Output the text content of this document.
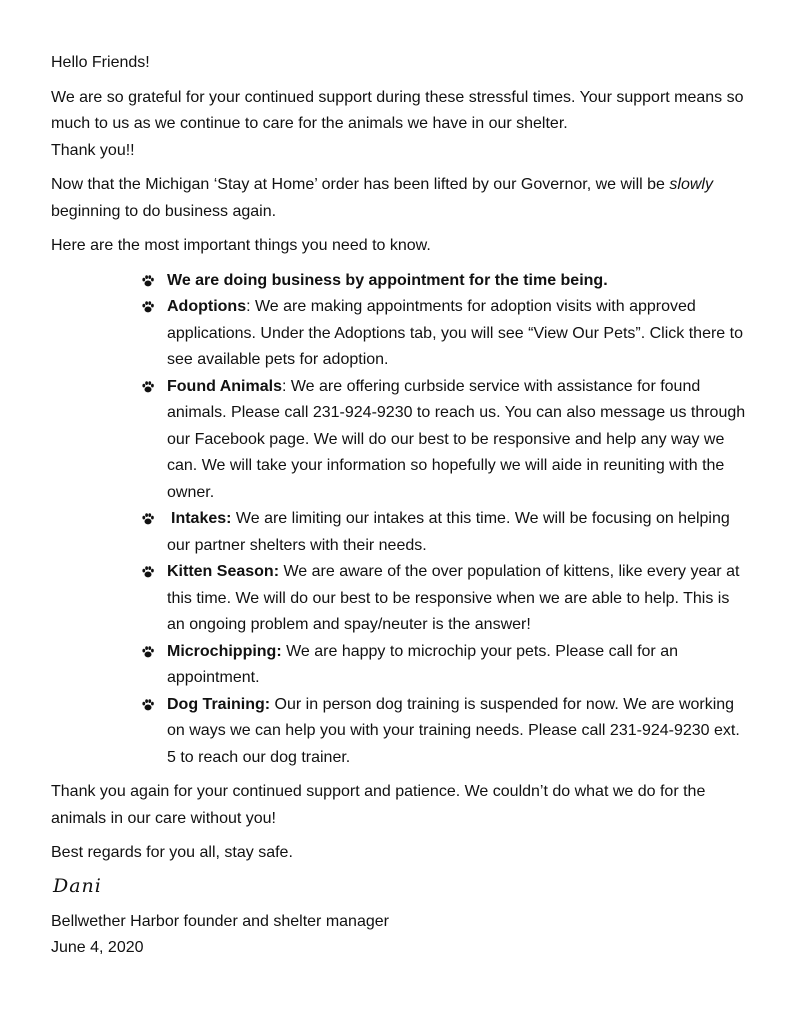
Hello Friends!

We are so grateful for your continued support during these stressful times. Your support means so much to us as we continue to care for the animals we have in our shelter.

Thank you!!

Now that the Michigan ‘Stay at Home’ order has been lifted by our Governor, we will be slowly beginning to do business again.

Here are the most important things you need to know.

We are doing business by appointment for the time being.
Adoptions: We are making appointments for adoption visits with approved applications. Under the Adoptions tab, you will see “View Our Pets”. Click there to see available pets for adoption.
Found Animals: We are offering curbside service with assistance for found animals. Please call 231-924-9230 to reach us. You can also message us through our Facebook page. We will do our best to be responsive and help any way we can. We will take your information so hopefully we will aide in reuniting with the owner.
Intakes: We are limiting our intakes at this time. We will be focusing on helping our partner shelters with their needs.
Kitten Season: We are aware of the over population of kittens, like every year at this time. We will do our best to be responsive when we are able to help. This is an ongoing problem and spay/neuter is the answer!
Microchipping: We are happy to microchip your pets. Please call for an appointment.
Dog Training: Our in person dog training is suspended for now. We are working on ways we can help you with your training needs. Please call 231-924-9230 ext. 5 to reach our dog trainer.

Thank you again for your continued support and patience. We couldn’t do what we do for the animals in our care without you!

Best regards for you all, stay safe.

Dani

Bellwether Harbor founder and shelter manager

June 4, 2020
